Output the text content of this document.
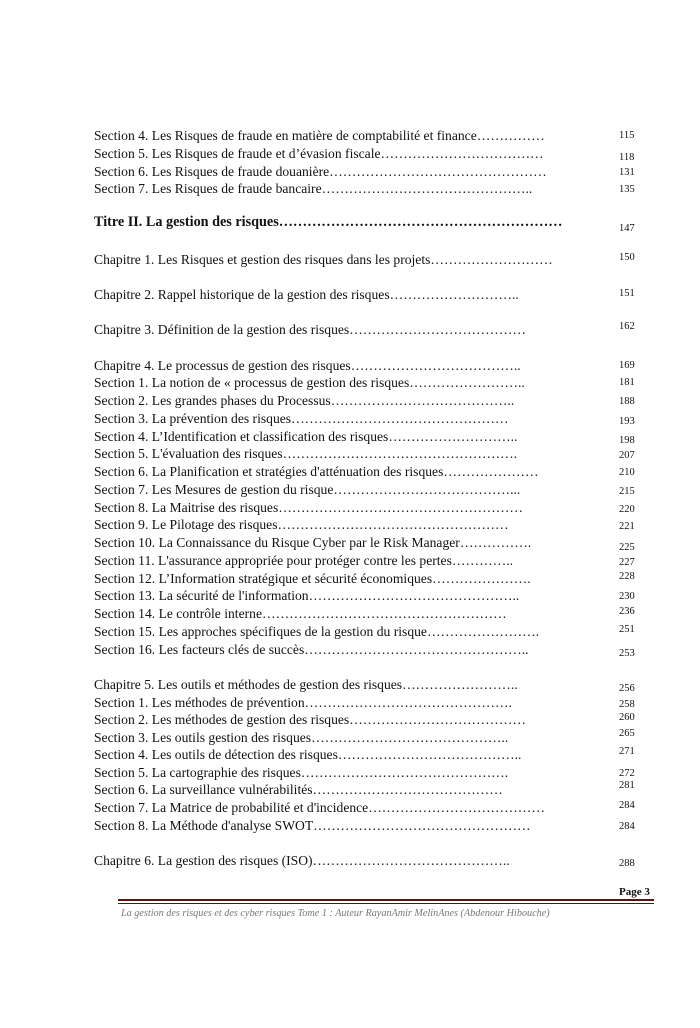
Section 4. Les Risques de fraude en matière de comptabilité et finance……………	115
Section 5. Les Risques de fraude et d’évasion fiscale………………………………	118
Section 6. Les Risques de fraude douanière…………………………………………	131
Section 7. Les Risques de fraude bancaire………………………………………..	135
Titre II. La gestion des risques……………………………………………………	147
Chapitre 1. Les Risques et gestion des risques dans les projets………………………	150
Chapitre 2. Rappel historique de la gestion des risques………………………..	151
Chapitre 3. Définition de la gestion des risques…………………………………	162
Chapitre 4. Le processus de gestion des risques………………………………..	169
Section 1. La notion de « processus de gestion des risques……………………..	181
Section 2. Les grandes phases du Processus…………………………………..	188
Section 3. La prévention des risques…………………………………………	193
Section 4. L’Identification et classification des risques………………………..	198
Section 5. L'évaluation des risques…………………………………………….	207
Section 6. La Planification et stratégies d'atténuation des risques…………………	210
Section 7. Les Mesures de gestion du risque…………………………………...	215
Section 8. La Maitrise des risques………………………………………………	220
Section 9. Le Pilotage des risques……………………………………………	221
Section 10. La Connaissance du Risque Cyber par le Risk Manager…………….	225
Section 11. L'assurance appropriée pour protéger contre les pertes…………..	227
Section 12. L’Information stratégique et sécurité économiques………………….	228
Section 13. La sécurité de l'information………………………………………..	230
Section 14. Le contrôle interne………………………………………………	236
Section 15. Les approches spécifiques de la gestion du risque…………………….	251
Section 16. Les facteurs clés de succès…………………………………………..	253
Chapitre 5. Les outils et méthodes de gestion des risques……………………..	256
Section 1. Les méthodes de prévention……………………………………….	258
Section 2. Les méthodes de gestion des risques…………………………………	260
Section 3. Les outils gestion des risques……………………………………..	265
Section 4. Les outils de détection des risques…………………………………..	271
Section 5. La cartographie des risques……………………………………….	272
Section 6. La surveillance vulnérabilités……………………………………	281
Section 7. La Matrice de probabilité et d'incidence…………………………………	284
Section 8. La Méthode d'analyse SWOT…………………………………………	284
Chapitre 6. La gestion des risques (ISO)……………………………………..	288
Page 3
La gestion des risques et des cyber risques Tome 1 : Auteur RayanAmir MelinAnes (Abdenour Hibouche)
